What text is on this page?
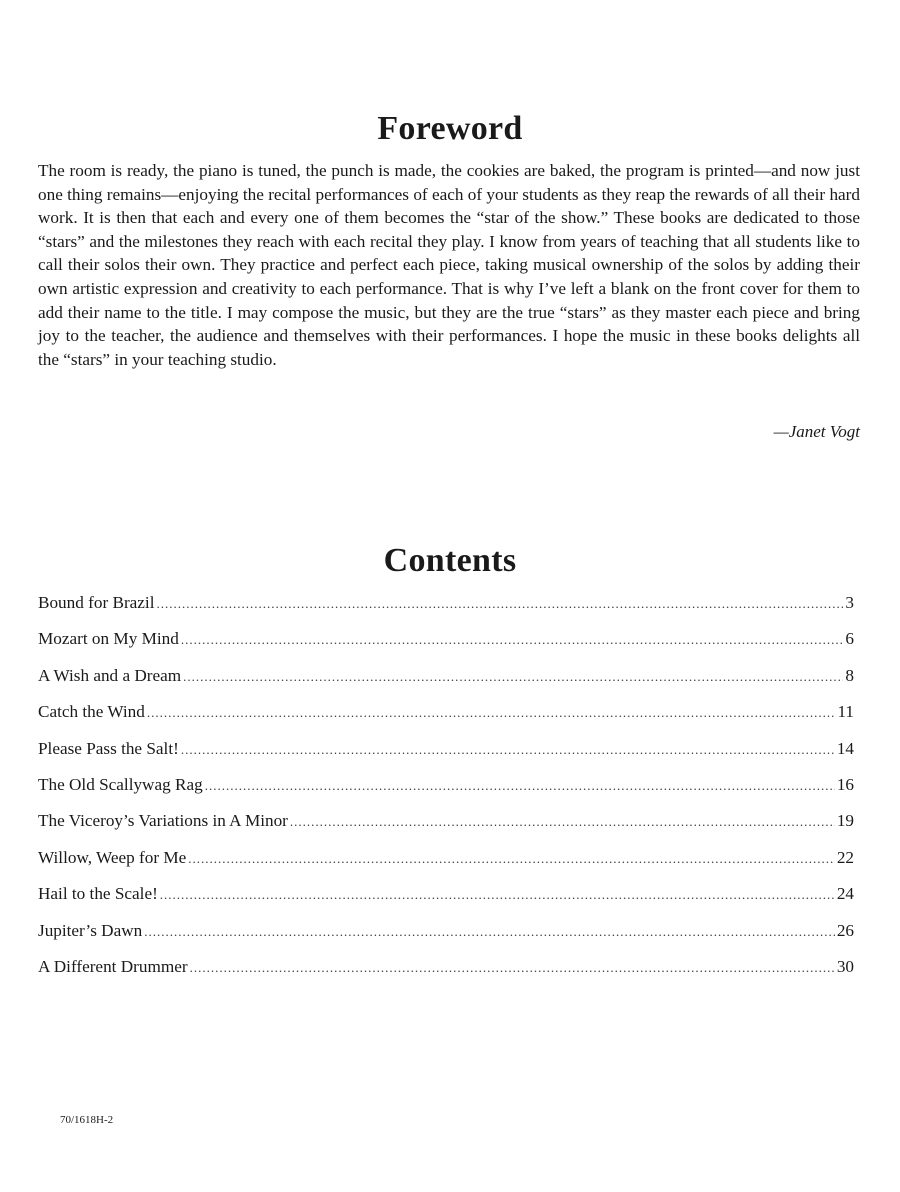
Foreword

The room is ready, the piano is tuned, the punch is made, the cookies are baked, the program is printed—and now just one thing remains—enjoying the recital performances of each of your students as they reap the rewards of all their hard work. It is then that each and every one of them becomes the “star of the show.” These books are dedicated to those “stars” and the milestones they reach with each recital they play. I know from years of teaching that all students like to call their solos their own. They practice and perfect each piece, taking musical ownership of the solos by adding their own artistic expression and creativity to each performance. That is why I’ve left a blank on the front cover for them to add their name to the title. I may compose the music, but they are the true “stars” as they master each piece and bring joy to the teacher, the audience and themselves with their performances. I hope the music in these books delights all the “stars” in your teaching studio.

—Janet Vogt

Contents
Bound for Brazil .....	3
Mozart on My Mind .....	6
A Wish and a Dream .....	8
Catch the Wind .....	11
Please Pass the Salt! .....	14
The Old Scallywag Rag .....	16
The Viceroy’s Variations in A Minor .....	19
Willow, Weep for Me .....	22
Hail to the Scale! .....	24
Jupiter’s Dawn .....	26
A Different Drummer .....	30

70/1618H-2
